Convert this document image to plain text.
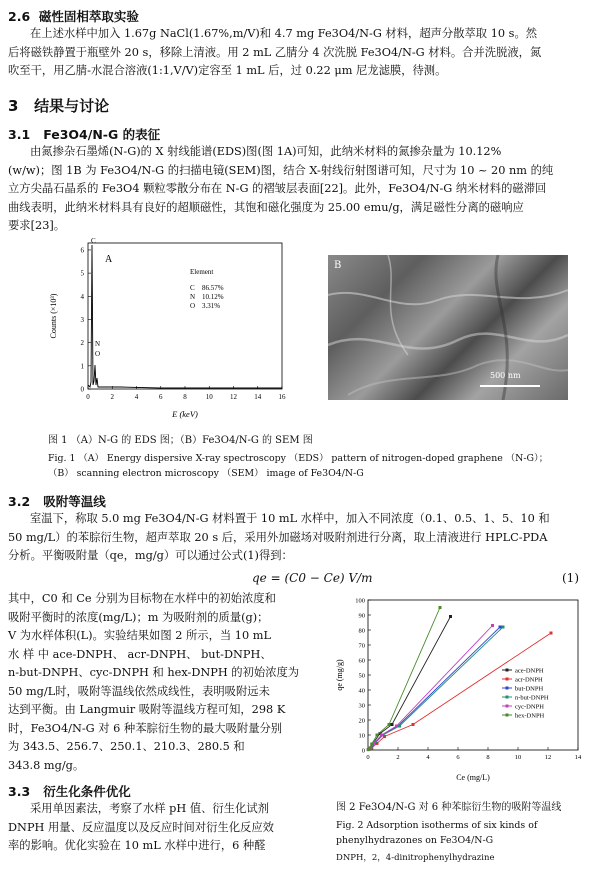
2.6 磁性固相萃取实验
在上述水样中加入 1.67g NaCl(1.67%,m/V)和 4.7 mg Fe3O4/N-G 材料，超声分散萃取 10 s。然
后将磁铁静置于瓶壁外 20 s，移除上清液。用 2 mL 乙腈分 4 次洗脱 Fe3O4/N-G 材料。合并洗脱液，氮
吹至干，用乙腈-水混合溶液(1:1,V/V)定容至 1 mL 后，过 0.22 μm 尼龙滤膜，待测。
3 结果与讨论
3.1 Fe3O4/N-G 的表征
由氮掺杂石墨烯(N-G)的 X 射线能谱(EDS)图(图 1A)可知，此纳米材料的氮掺杂量为 10.12%
(w/w)；图 1B 为 Fe3O4/N-G 的扫描电镜(SEM)图，结合 X-射线衍射图谱可知，尺寸为 10 ~ 20 nm 的纯
立方尖晶石晶系的 Fe3O4 颗粒零散分布在 N-G 的褶皱层表面[22]。此外，Fe3O4/N-G 纳米材料的磁滞回
曲线表明，此纳米材料具有良好的超顺磁性，其饱和磁化强度为 25.00 emu/g，满足磁性分离的磁响应
要求[23]。
A
0
1
2
3
4
5
6
0	2	4	6	8	10 12 14 16
Counts (×10³)
E (keV)
C
N
O
Element
C 86.57%
N 10.12%
O 3.31%
B
500 nm
图 1 （A）N-G 的 EDS 图；（B）Fe3O4/N-G 的 SEM 图
Fig. 1 （A） Energy dispersive X-ray spectroscopy （EDS） pattern of nitrogen-doped graphene （N-G）；
（B） scanning electron microscopy （SEM） image of Fe3O4/N-G
3.2 吸附等温线
室温下，称取 5.0 mg Fe3O4/N-G 材料置于 10 mL 水样中，加入不同浓度（0.1、0.5、1、5、10 和
50 mg/L）的苯腙衍生物，超声萃取 20 s 后，采用外加磁场对吸附剂进行分离，取上清液进行 HPLC-PDA
分析。平衡吸附量（qe，mg/g）可以通过公式(1)得到：
qe = (C0 − Ce) V/m	(1)
其中，C0 和 Ce 分别为目标物在水样中的初始浓度和
吸附平衡时的浓度(mg/L)；m 为吸附剂的质量(g)；
V 为水样体积(L)。实验结果如图 2 所示，当 10 mL
水 样 中 ace-DNPH、 acr-DNPH、 but-DNPH、
n-but-DNPH、cyc-DNPH 和 hex-DNPH 的初始浓度为
50 mg/L时，吸附等温线依然成线性，表明吸附远未
达到平衡。由 Langmuir 吸附等温线方程可知，298 K
时，Fe3O4/N-G 对 6 种苯腙衍生物的最大吸附量分别
为 343.5、256.7、250.1、210.3、280.5 和
343.8 mg/g。
3.3 衍生化条件优化
采用单因素法，考察了水样 pH 值、衍生化试剂
DNPH 用量、反应温度以及反应时间对衍生化反应效
率的影响。优化实验在 10 mL 水样中进行，6 种醛
0
10
20
30
40
50
60
70
80
90
100
0	2	4	6	8	10	12	14
ace-DNPH
acr-DNPH
but-DNPH
n-but-DNPH
cyc-DNPH
hex-DNPH
qe (mg/g)
Ce (mg/L)
图 2 Fe3O4/N-G 对 6 种苯腙衍生物的吸附等温线
Fig. 2 Adsorption isotherms of six kinds of
phenylhydrazones on Fe3O4/N-G
DNPH，2，4-dinitrophenylhydrazine
